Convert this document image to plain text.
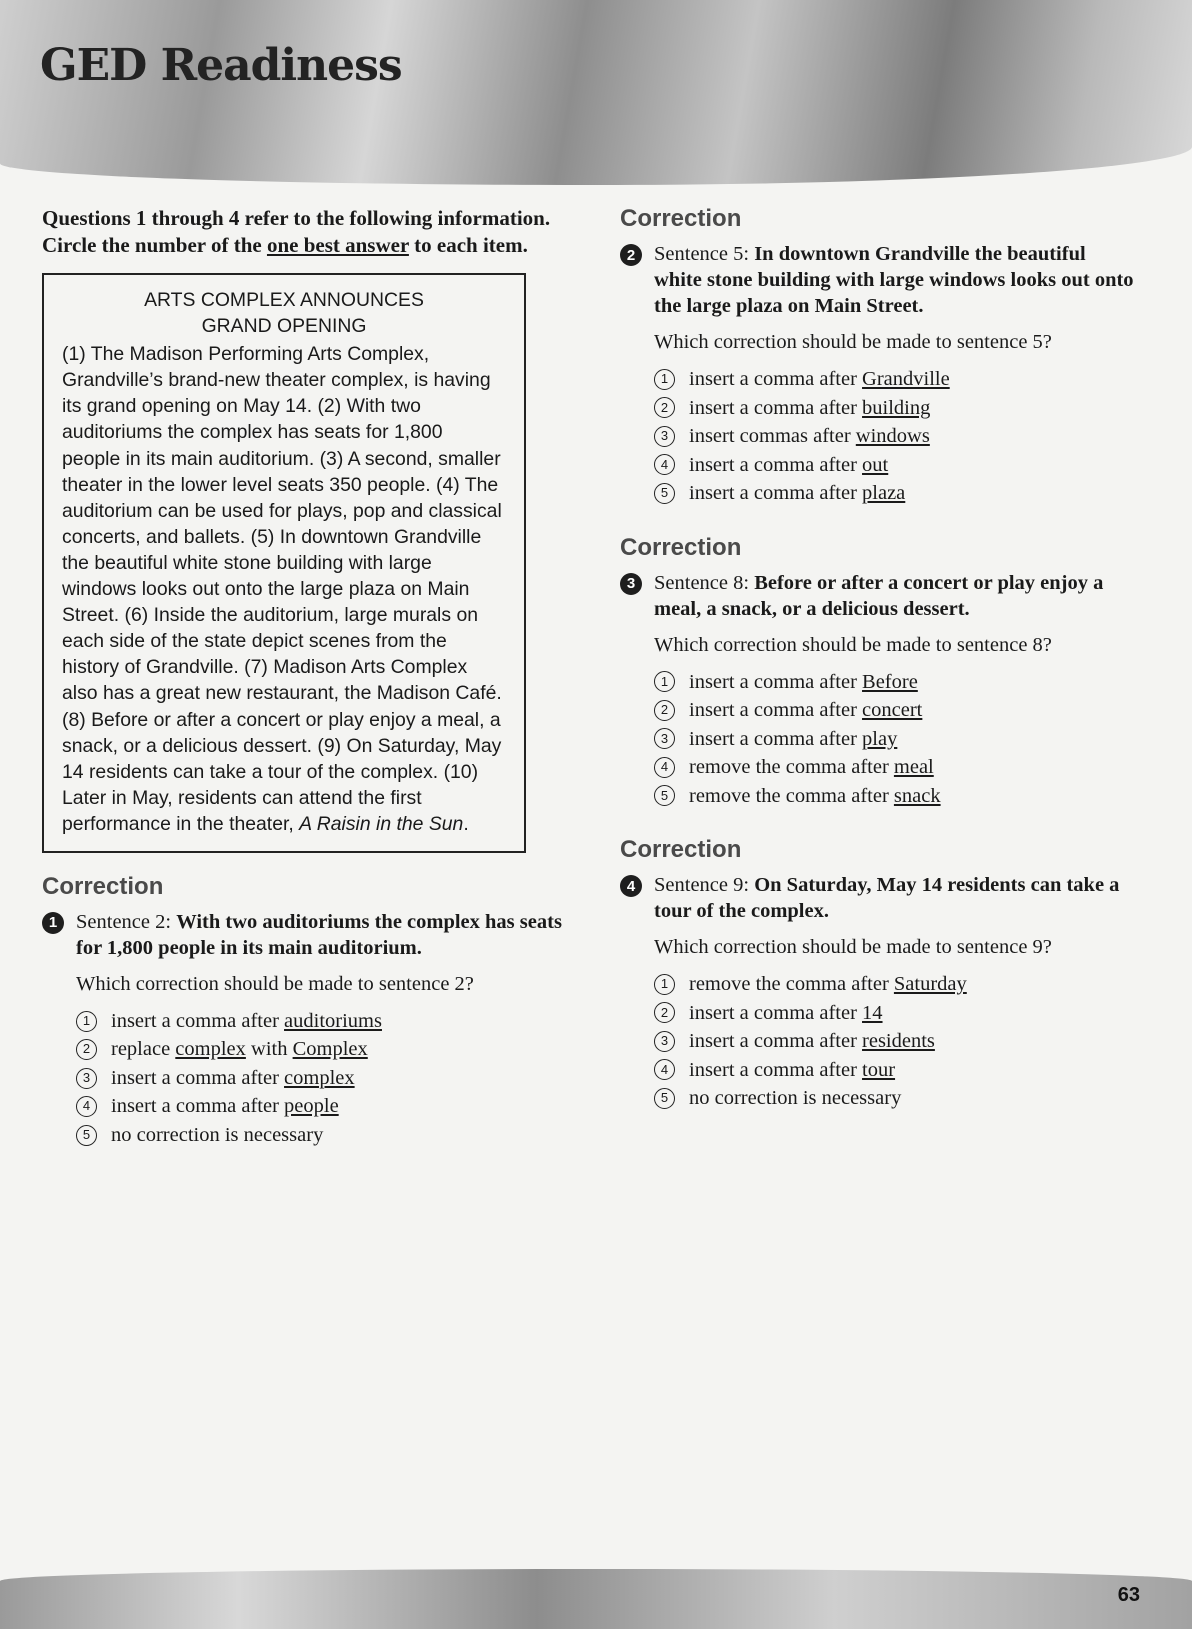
GED Readiness

Questions 1 through 4 refer to the following information. Circle the number of the one best answer to each item.

ARTS COMPLEX ANNOUNCES
GRAND OPENING

(1) The Madison Performing Arts Complex, Grandville’s brand-new theater complex, is having its grand opening on May 14. (2) With two auditoriums the complex has seats for 1,800 people in its main auditorium. (3) A second, smaller theater in the lower level seats 350 people. (4) The auditorium can be used for plays, pop and classical concerts, and ballets. (5) In downtown Grandville the beautiful white stone building with large windows looks out onto the large plaza on Main Street. (6) Inside the auditorium, large murals on each side of the state depict scenes from the history of Grandville. (7) Madison Arts Complex also has a great new restaurant, the Madison Café. (8) Before or after a concert or play enjoy a meal, a snack, or a delicious dessert. (9) On Saturday, May 14 residents can take a tour of the complex. (10) Later in May, residents can attend the first performance in the theater, A Raisin in the Sun.

Correction
1 Sentence 2: With two auditoriums the complex has seats for 1,800 people in its main auditorium.

Which correction should be made to sentence 2?

1	insert a comma after auditoriums
2	replace complex with Complex
3	insert a comma after complex
4	insert a comma after people
5	no correction is necessary
Correction
2 Sentence 5: In downtown Grandville the beautiful white stone building with large windows looks out onto the large plaza on Main Street.

Which correction should be made to sentence 5?

1	insert a comma after Grandville
2	insert a comma after building
3	insert commas after windows
4	insert a comma after out
5	insert a comma after plaza
Correction
3 Sentence 8: Before or after a concert or play enjoy a meal, a snack, or a delicious dessert.

Which correction should be made to sentence 8?

1	insert a comma after Before
2	insert a comma after concert
3	insert a comma after play
4	remove the comma after meal
5	remove the comma after snack
Correction
4 Sentence 9: On Saturday, May 14 residents can take a tour of the complex.

Which correction should be made to sentence 9?

1	remove the comma after Saturday
2	insert a comma after 14
3	insert a comma after residents
4	insert a comma after tour
5	no correction is necessary
63
